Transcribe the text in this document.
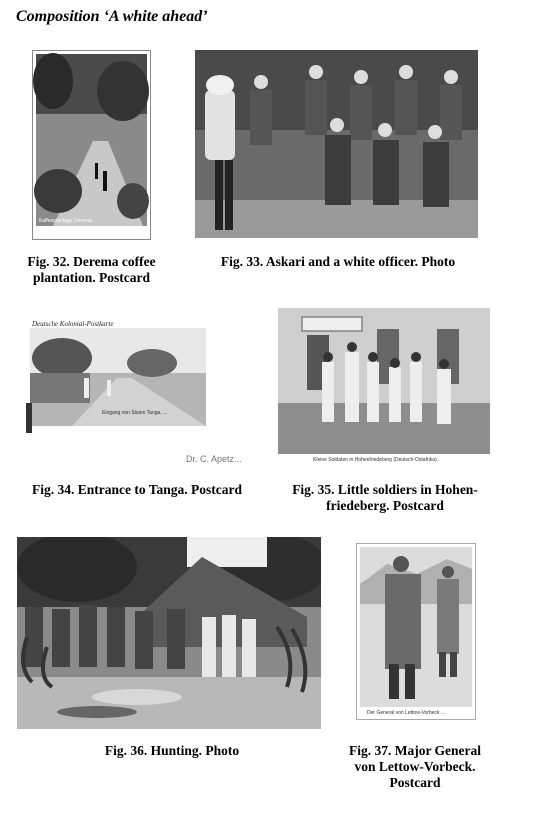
Composition ‘A white ahead’
Kaffeeplantage Derema
Fig. 32. Derema coffee
plantation. Postcard
Fig. 33. Askari and a white officer. Photo
Deutsche Kolonial-Postkarte
Eingang von Staion Tanga, ...
Dr. C. Apetz...
Fig. 34. Entrance to Tanga. Postcard
Kleine Soldaten in Hohenfriedeberg (Deutsch-Ostafrika).
Fig. 35. Little soldiers in Hohen-
friedeberg. Postcard
Fig. 36. Hunting. Photo
Der General von Lettow-Vorbeck ...
Fig. 37. Major General
von Lettow-Vorbeck.
Postcard
